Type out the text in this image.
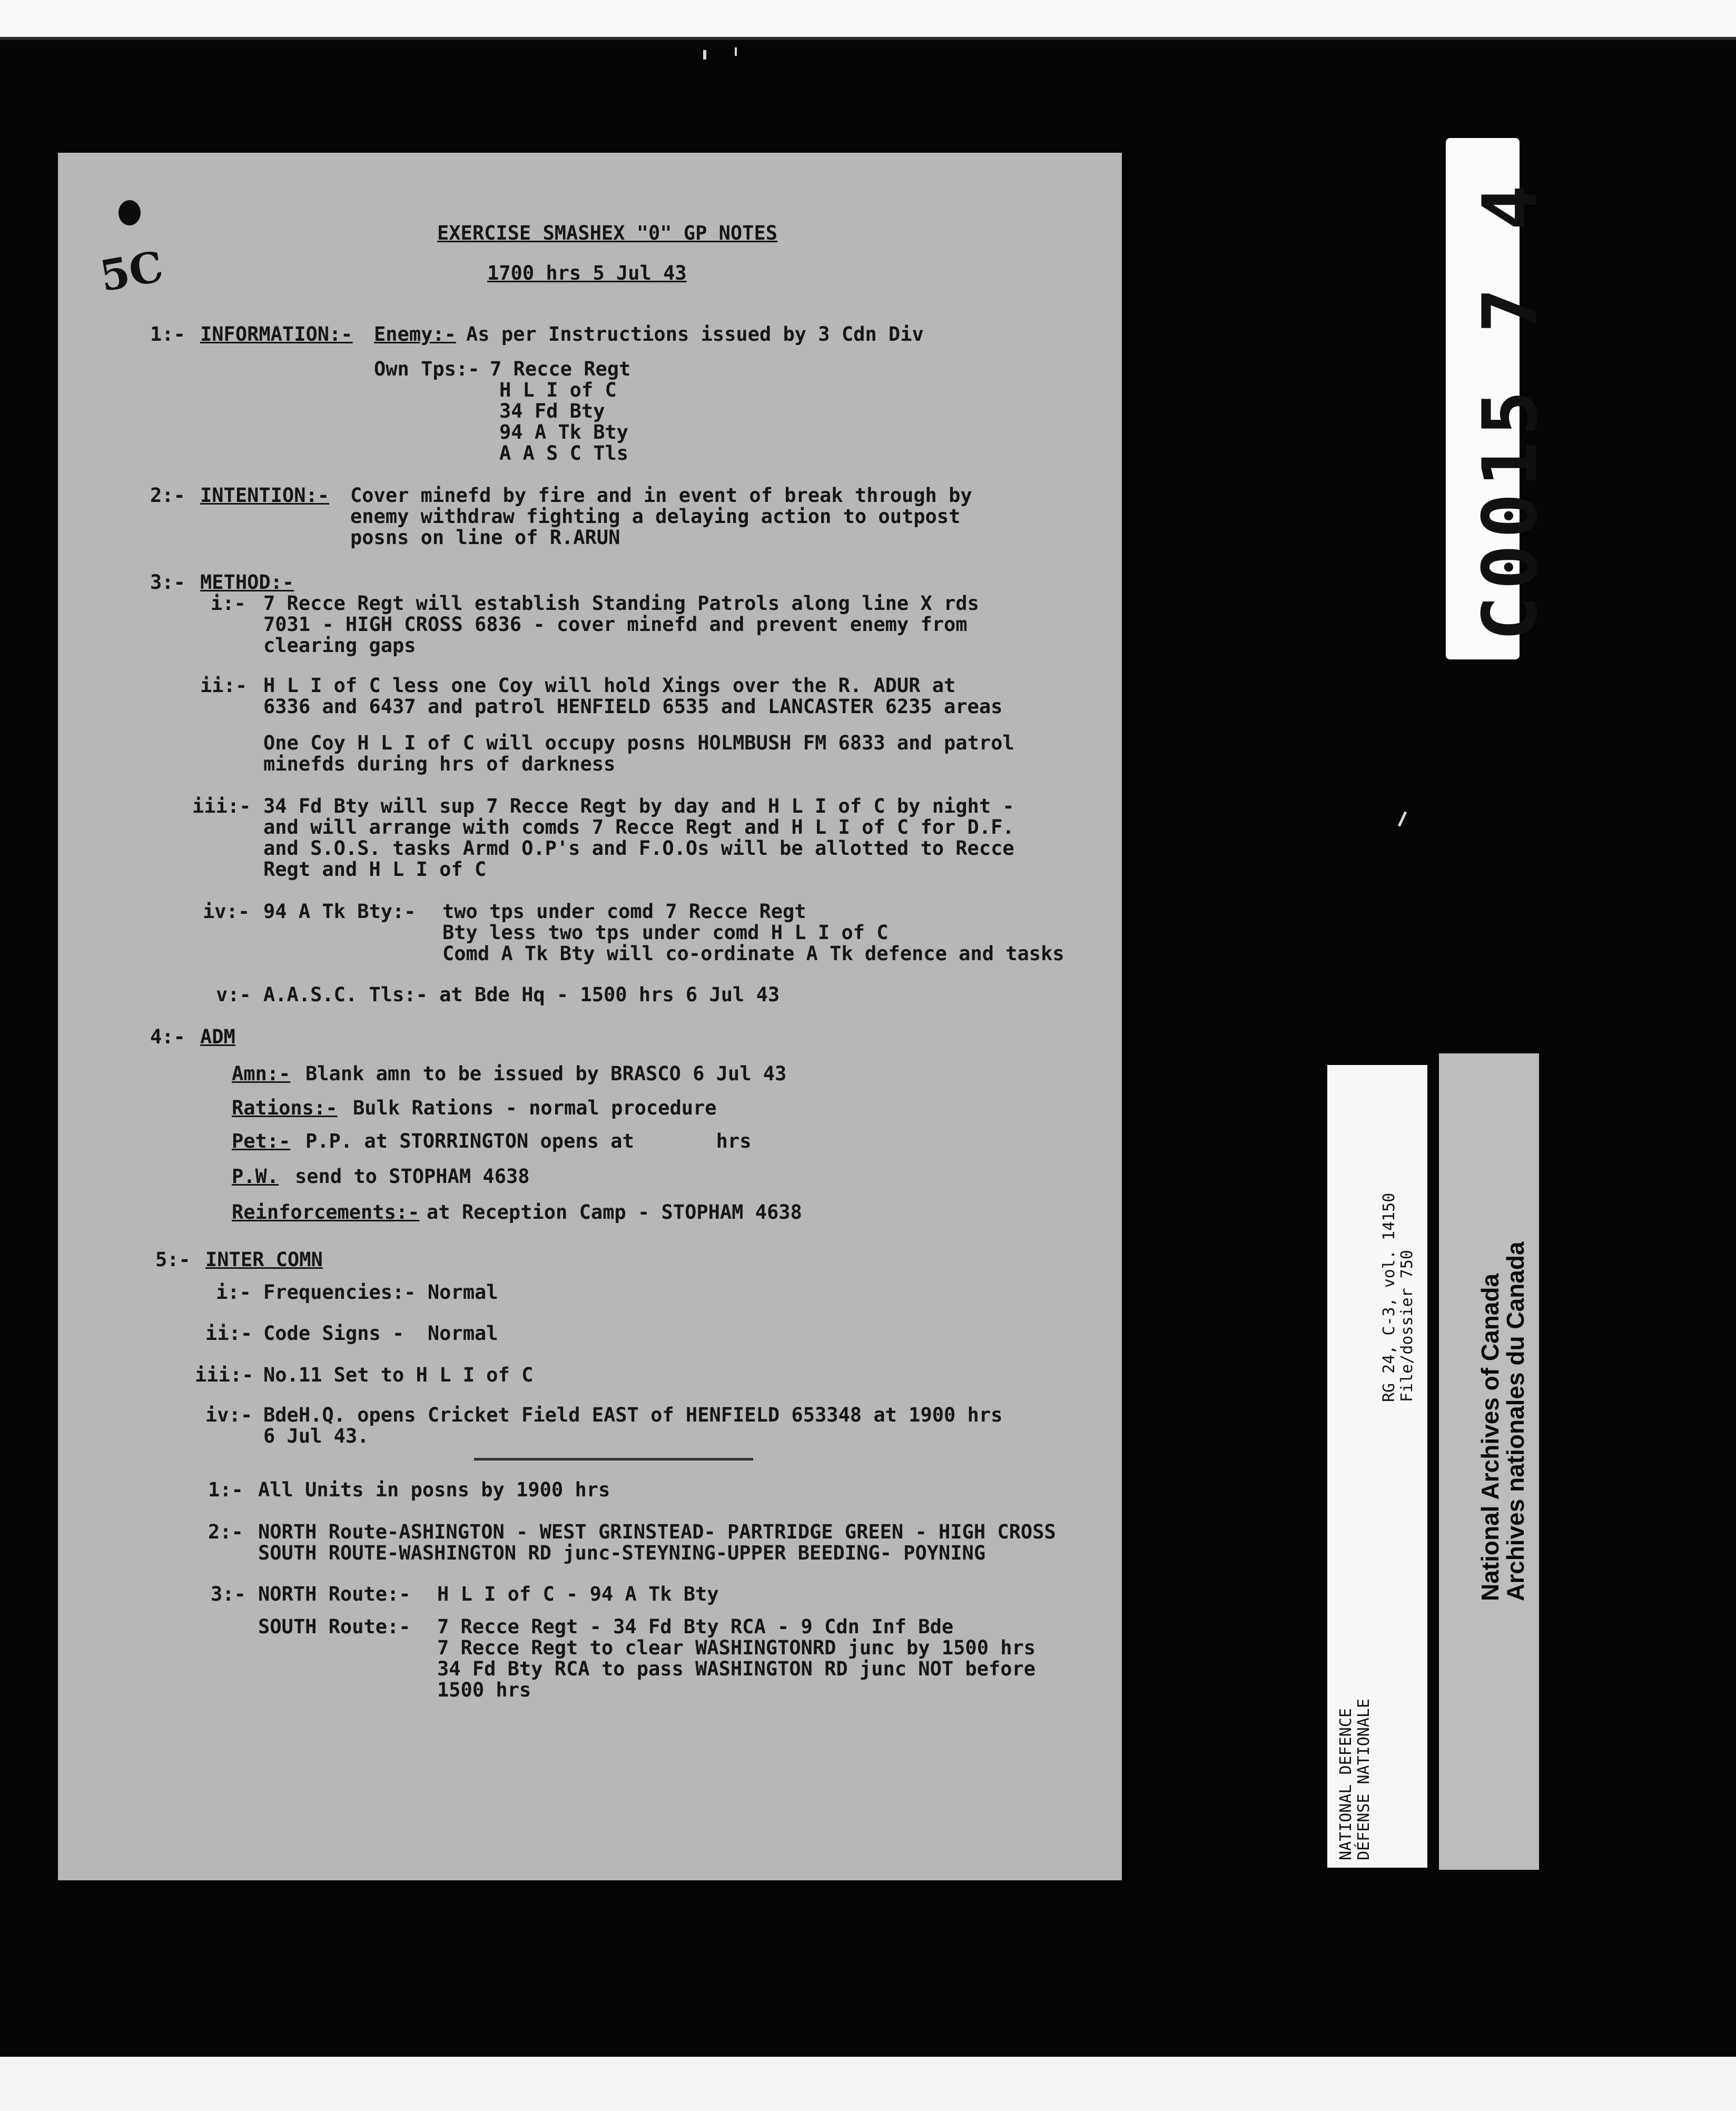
5C
EXERCISE SMASHEX "0" GP NOTES
1700 hrs 5 Jul 43
1:- INFORMATION:- Enemy:- As per Instructions issued by 3 Cdn Div
Own Tps:- 7 Recce Regt
H L I of C
34 Fd Bty
94 A Tk Bty
A A S C Tls
2:- INTENTION:- Cover minefd by fire and in event of break through by
enemy withdraw fighting a delaying action to outpost
posns on line of R.ARUN
3:- METHOD:-
i:- 7 Recce Regt will establish Standing Patrols along line X rds
7031 - HIGH CROSS 6836 - cover minefd and prevent enemy from
clearing gaps
ii:- H L I of C less one Coy will hold Xings over the R. ADUR at
6336 and 6437 and patrol HENFIELD 6535 and LANCASTER 6235 areas
One Coy H L I of C will occupy posns HOLMBUSH FM 6833 and patrol
minefds during hrs of darkness
iii:- 34 Fd Bty will sup 7 Recce Regt by day and H L I of C by night -
and will arrange with comds 7 Recce Regt and H L I of C for D.F.
and S.O.S. tasks Armd O.P's and F.O.Os will be allotted to Recce
Regt and H L I of C
iv:- 94 A Tk Bty:- two tps under comd 7 Recce Regt
Bty less two tps under comd H L I of C
Comd A Tk Bty will co-ordinate A Tk defence and tasks
v:- A.A.S.C. Tls:- at Bde Hq - 1500 hrs 6 Jul 43
4:- ADM
Amn:- Blank amn to be issued by BRASCO 6 Jul 43
Rations:- Bulk Rations - normal procedure
Pet:- P.P. at STORRINGTON opens at       hrs
P.W. send to STOPHAM 4638
Reinforcements:- at Reception Camp - STOPHAM 4638
5:- INTER COMN
i:- Frequencies:- Normal
ii:- Code Signs -  Normal
iii:- No.11 Set to H L I of C
iv:- BdeH.Q. opens Cricket Field EAST of HENFIELD 653348 at 1900 hrs
6 Jul 43.
1:- All Units in posns by 1900 hrs
2:- NORTH Route-ASHINGTON - WEST GRINSTEAD- PARTRIDGE GREEN - HIGH CROSS
SOUTH ROUTE-WASHINGTON RD junc-STEYNING-UPPER BEEDING- POYNING
3:- NORTH Route:- H L I of C - 94 A Tk Bty
SOUTH Route:- 7 Recce Regt - 34 Fd Bty RCA - 9 Cdn Inf Bde
7 Recce Regt to clear WASHINGTONRD junc by 1500 hrs
34 Fd Bty RCA to pass WASHINGTON RD junc NOT before
1500 hrs
C0015 7 4
NATIONAL DEFENCE DÉFENSE NATIONALE
RG 24, C-3, vol. 14150 File/dossier 750 National Archives of Canada
Archives nationales du Canada
